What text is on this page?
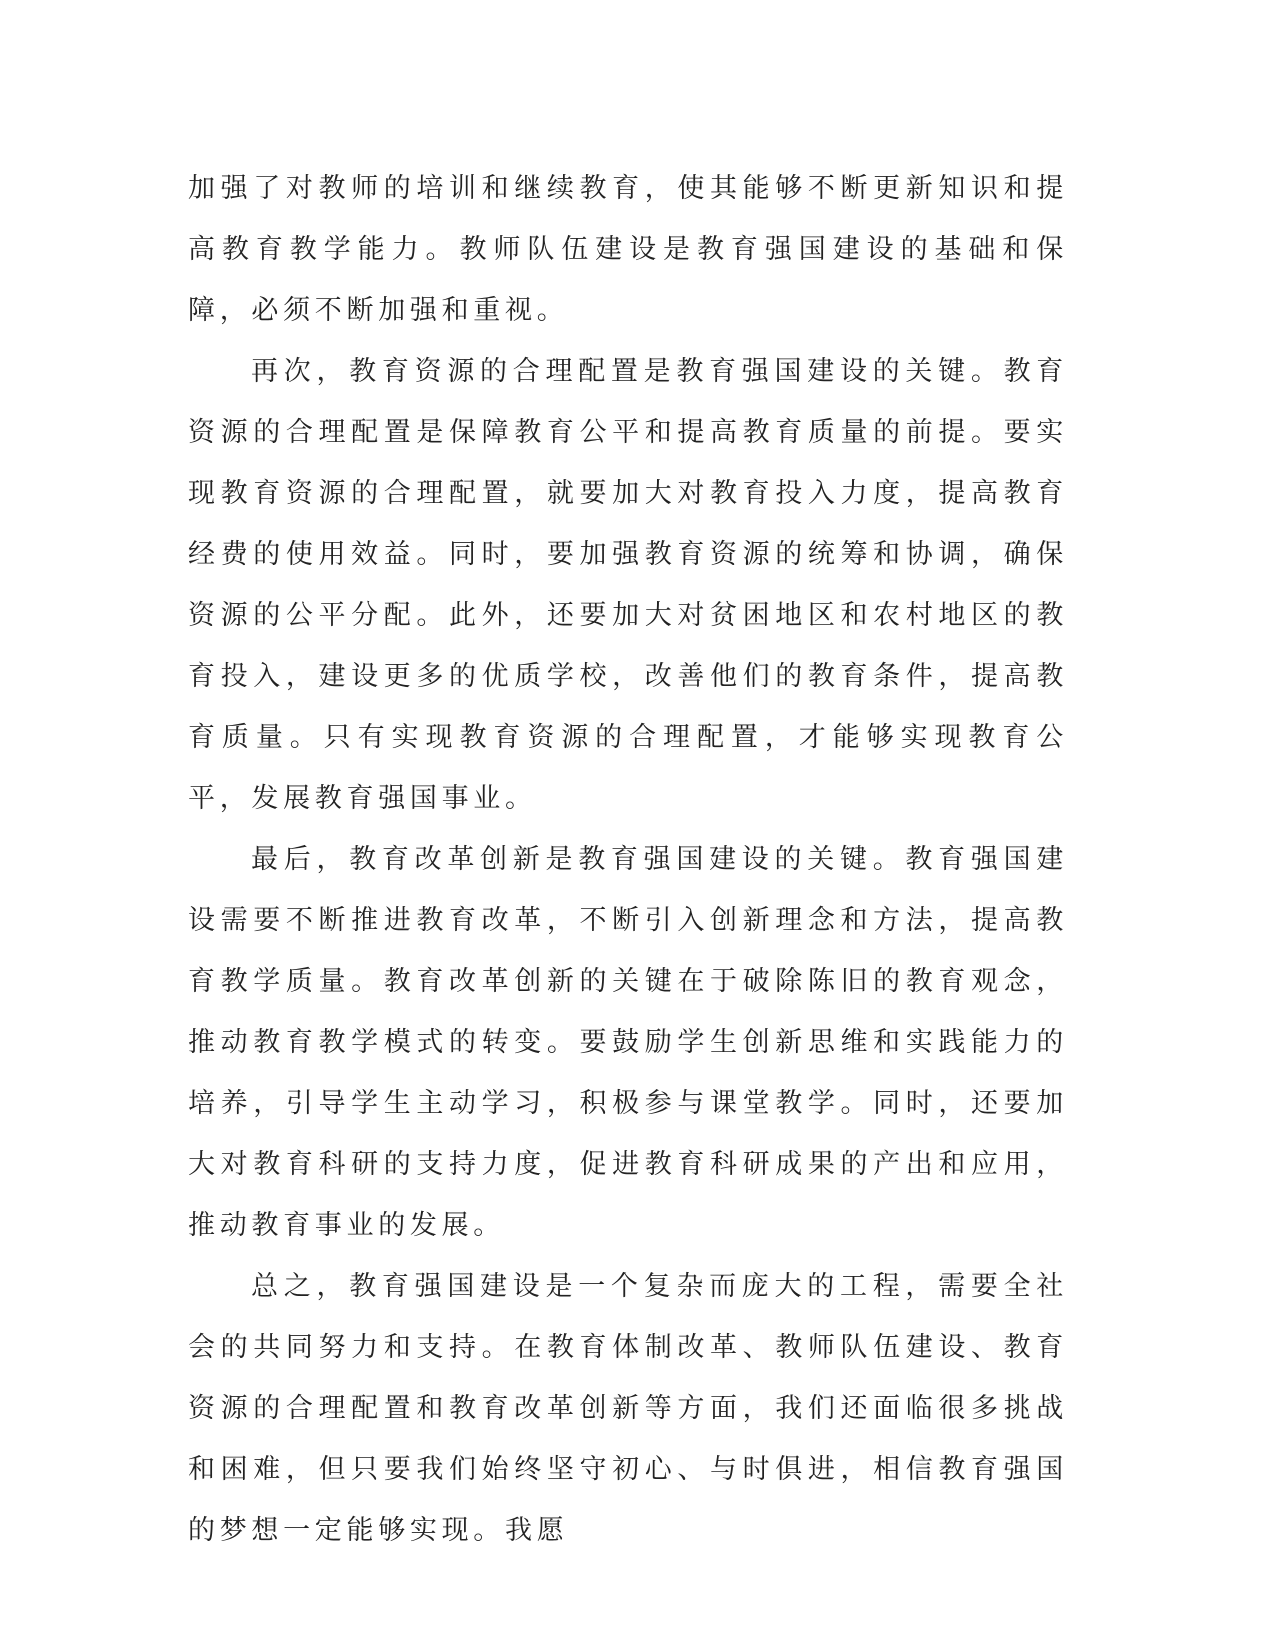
加强了对教师的培训和继续教育，使其能够不断更新知识和提高教育教学能力。教师队伍建设是教育强国建设的基础和保障，必须不断加强和重视。

再次，教育资源的合理配置是教育强国建设的关键。教育资源的合理配置是保障教育公平和提高教育质量的前提。要实现教育资源的合理配置，就要加大对教育投入力度，提高教育经费的使用效益。同时，要加强教育资源的统筹和协调，确保资源的公平分配。此外，还要加大对贫困地区和农村地区的教育投入，建设更多的优质学校，改善他们的教育条件，提高教育质量。只有实现教育资源的合理配置，才能够实现教育公平，发展教育强国事业。

最后，教育改革创新是教育强国建设的关键。教育强国建设需要不断推进教育改革，不断引入创新理念和方法，提高教育教学质量。教育改革创新的关键在于破除陈旧的教育观念，推动教育教学模式的转变。要鼓励学生创新思维和实践能力的培养，引导学生主动学习，积极参与课堂教学。同时，还要加大对教育科研的支持力度，促进教育科研成果的产出和应用，推动教育事业的发展。

总之，教育强国建设是一个复杂而庞大的工程，需要全社会的共同努力和支持。在教育体制改革、教师队伍建设、教育资源的合理配置和教育改革创新等方面，我们还面临很多挑战和困难，但只要我们始终坚守初心、与时俱进，相信教育强国的梦想一定能够实现。我愿
